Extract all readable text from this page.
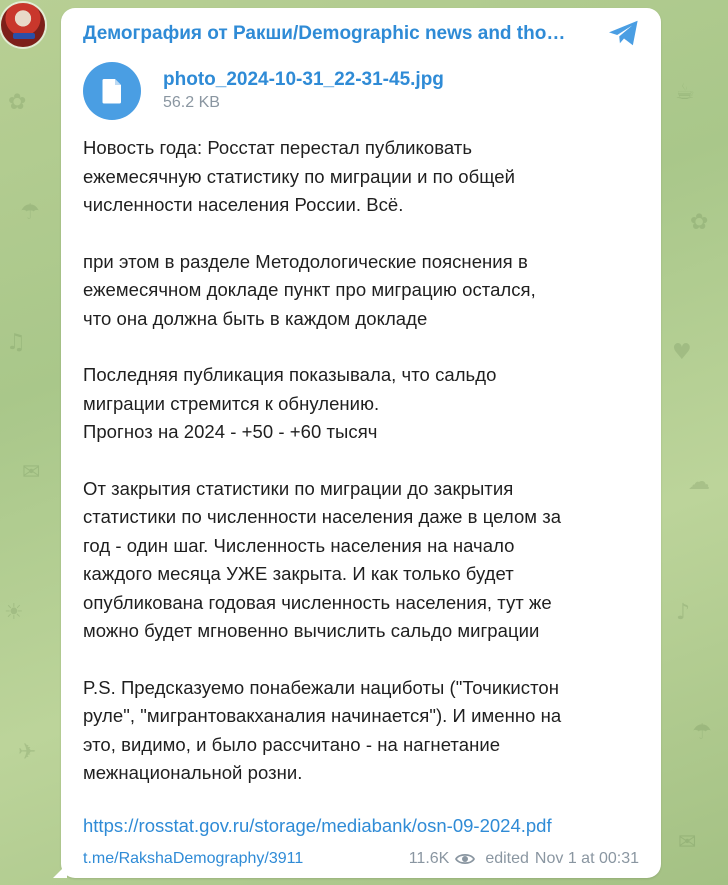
✿
☂
♫
✉
☀
✈
☕
✿
♥
☁
♪
☂
✉
Демография от Ракши/Demographic news and tho…
photo_2024-10-31_22-31-45.jpg
56.2 KB
Новость года: Росстат перестал публиковать
ежемесячную статистику по миграции и по общей
численности населения России. Всё.
при этом в разделе Методологические пояснения в
ежемесячном докладе пункт про миграцию остался,
что она должна быть в каждом докладе
Последняя публикация показывала, что сальдо
миграции стремится к обнулению.
Прогноз на 2024 - +50 - +60 тысяч
От закрытия статистики по миграции до закрытия
статистики по численности населения даже в целом за
год - один шаг. Численность населения на начало
каждого месяца УЖЕ закрыта. И как только будет
опубликована годовая численность населения, тут же
можно будет мгновенно вычислить сальдо миграции
P.S. Предсказуемо понабежали нациботы ("Точикистон
руле", "мигрантовакханалия начинается"). И именно на
это, видимо, и было рассчитано - на нагнетание
межнациональной розни.
https://rosstat.gov.ru/storage/mediabank/osn-09-2024.pdf
t.me/RakshaDemography/3911	11.6K edited Nov 1 at 00:31
